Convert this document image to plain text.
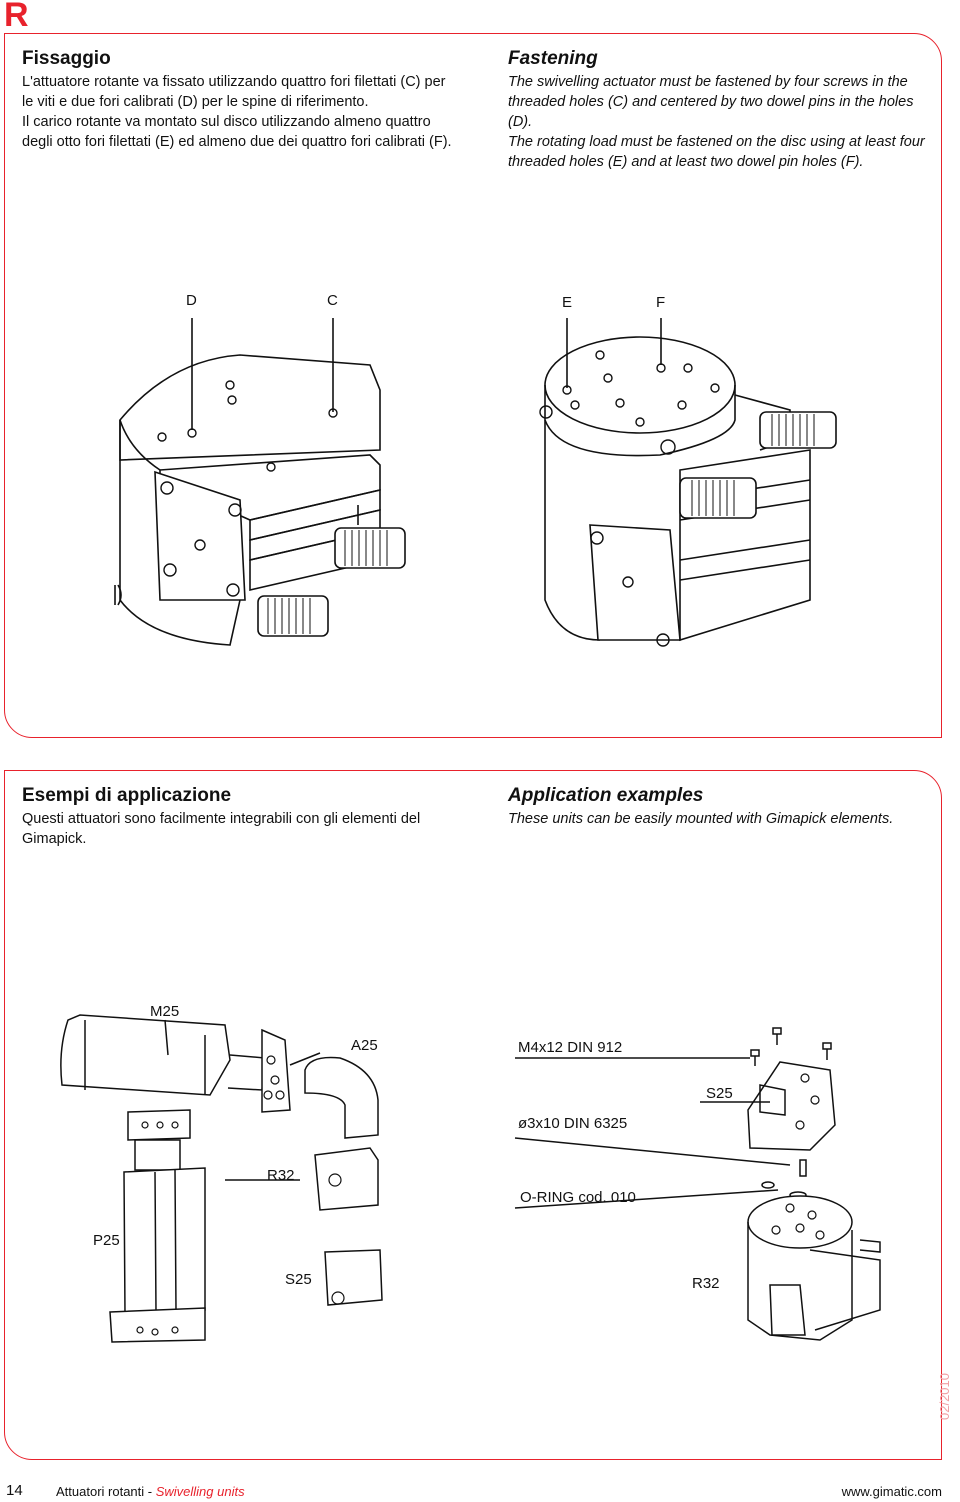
R

Fissaggio

L'attuatore rotante va fissato utilizzando quattro fori filettati (C) per le viti e due fori calibrati (D) per le spine di riferimento.

Il carico rotante va montato sul disco utilizzando almeno quattro degli otto fori filettati (E) ed almeno due dei quattro fori calibrati (F).

Fastening

The swivelling actuator must be fastened by four screws in the threaded holes (C) and centered by two dowel pins in the holes (D).

The rotating load must be fastened on the disc using at least four threaded holes (E) and at least two dowel pin holes (F).

D	C	E	F

Esempi di applicazione

Questi attuatori sono facilmente integrabili con gli elementi del Gimapick.

Application examples

These units can be easily mounted with Gimapick elements.

M25
A25
R32
P25
S25
M4x12 DIN 912
S25
ø3x10 DIN 6325
O-RING cod. 010
R32
02/2010
14	Attuatori rotanti - Swivelling units	www.gimatic.com
